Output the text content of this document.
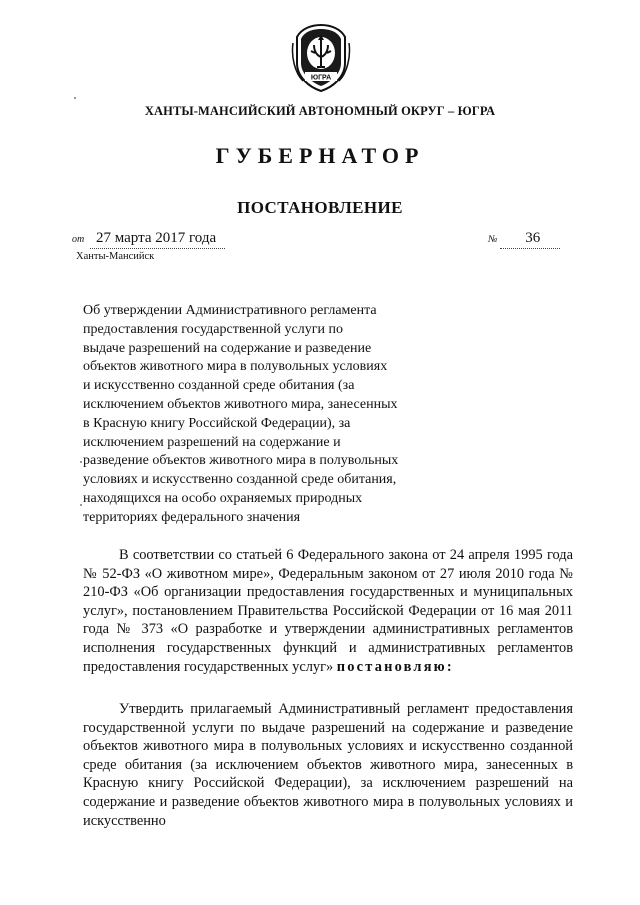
ЮГРА
ХАНТЫ-МАНСИЙСКИЙ АВТОНОМНЫЙ ОКРУГ – ЮГРА
ГУБЕРНАТОР
ПОСТАНОВЛЕНИЕ
от 27 марта 2017 года	№ 36
Ханты-Мансийск
Об утверждении Административного регламента
предоставления государственной услуги по
выдаче разрешений на содержание и разведение
объектов животного мира в полувольных условиях
и искусственно созданной среде обитания (за
исключением объектов животного мира, занесенных
в Красную книгу Российской Федерации), за
исключением разрешений на содержание и
разведение объектов животного мира в полувольных
условиях и искусственно созданной среде обитания,
находящихся на особо охраняемых природных
территориях федерального значения
В соответствии со статьей 6 Федерального закона от 24 апреля 1995 года № 52-ФЗ «О животном мире», Федеральным законом от 27 июля 2010 года № 210-ФЗ «Об организации предоставления государственных и муниципальных услуг», постановлением Правительства Российской Федерации от 16 мая 2011 года № 373 «О разработке и утверждении административных регламентов исполнения государственных функций и административных регламентов предоставления государственных услуг» постановляю:
Утвердить прилагаемый Административный регламент предоставления государственной услуги по выдаче разрешений на содержание и разведение объектов животного мира в полувольных условиях и искусственно созданной среде обитания (за исключением объектов животного мира, занесенных в Красную книгу Российской Федерации), за исключением разрешений на содержание и разведение объектов животного мира в полувольных условиях и искусственно
